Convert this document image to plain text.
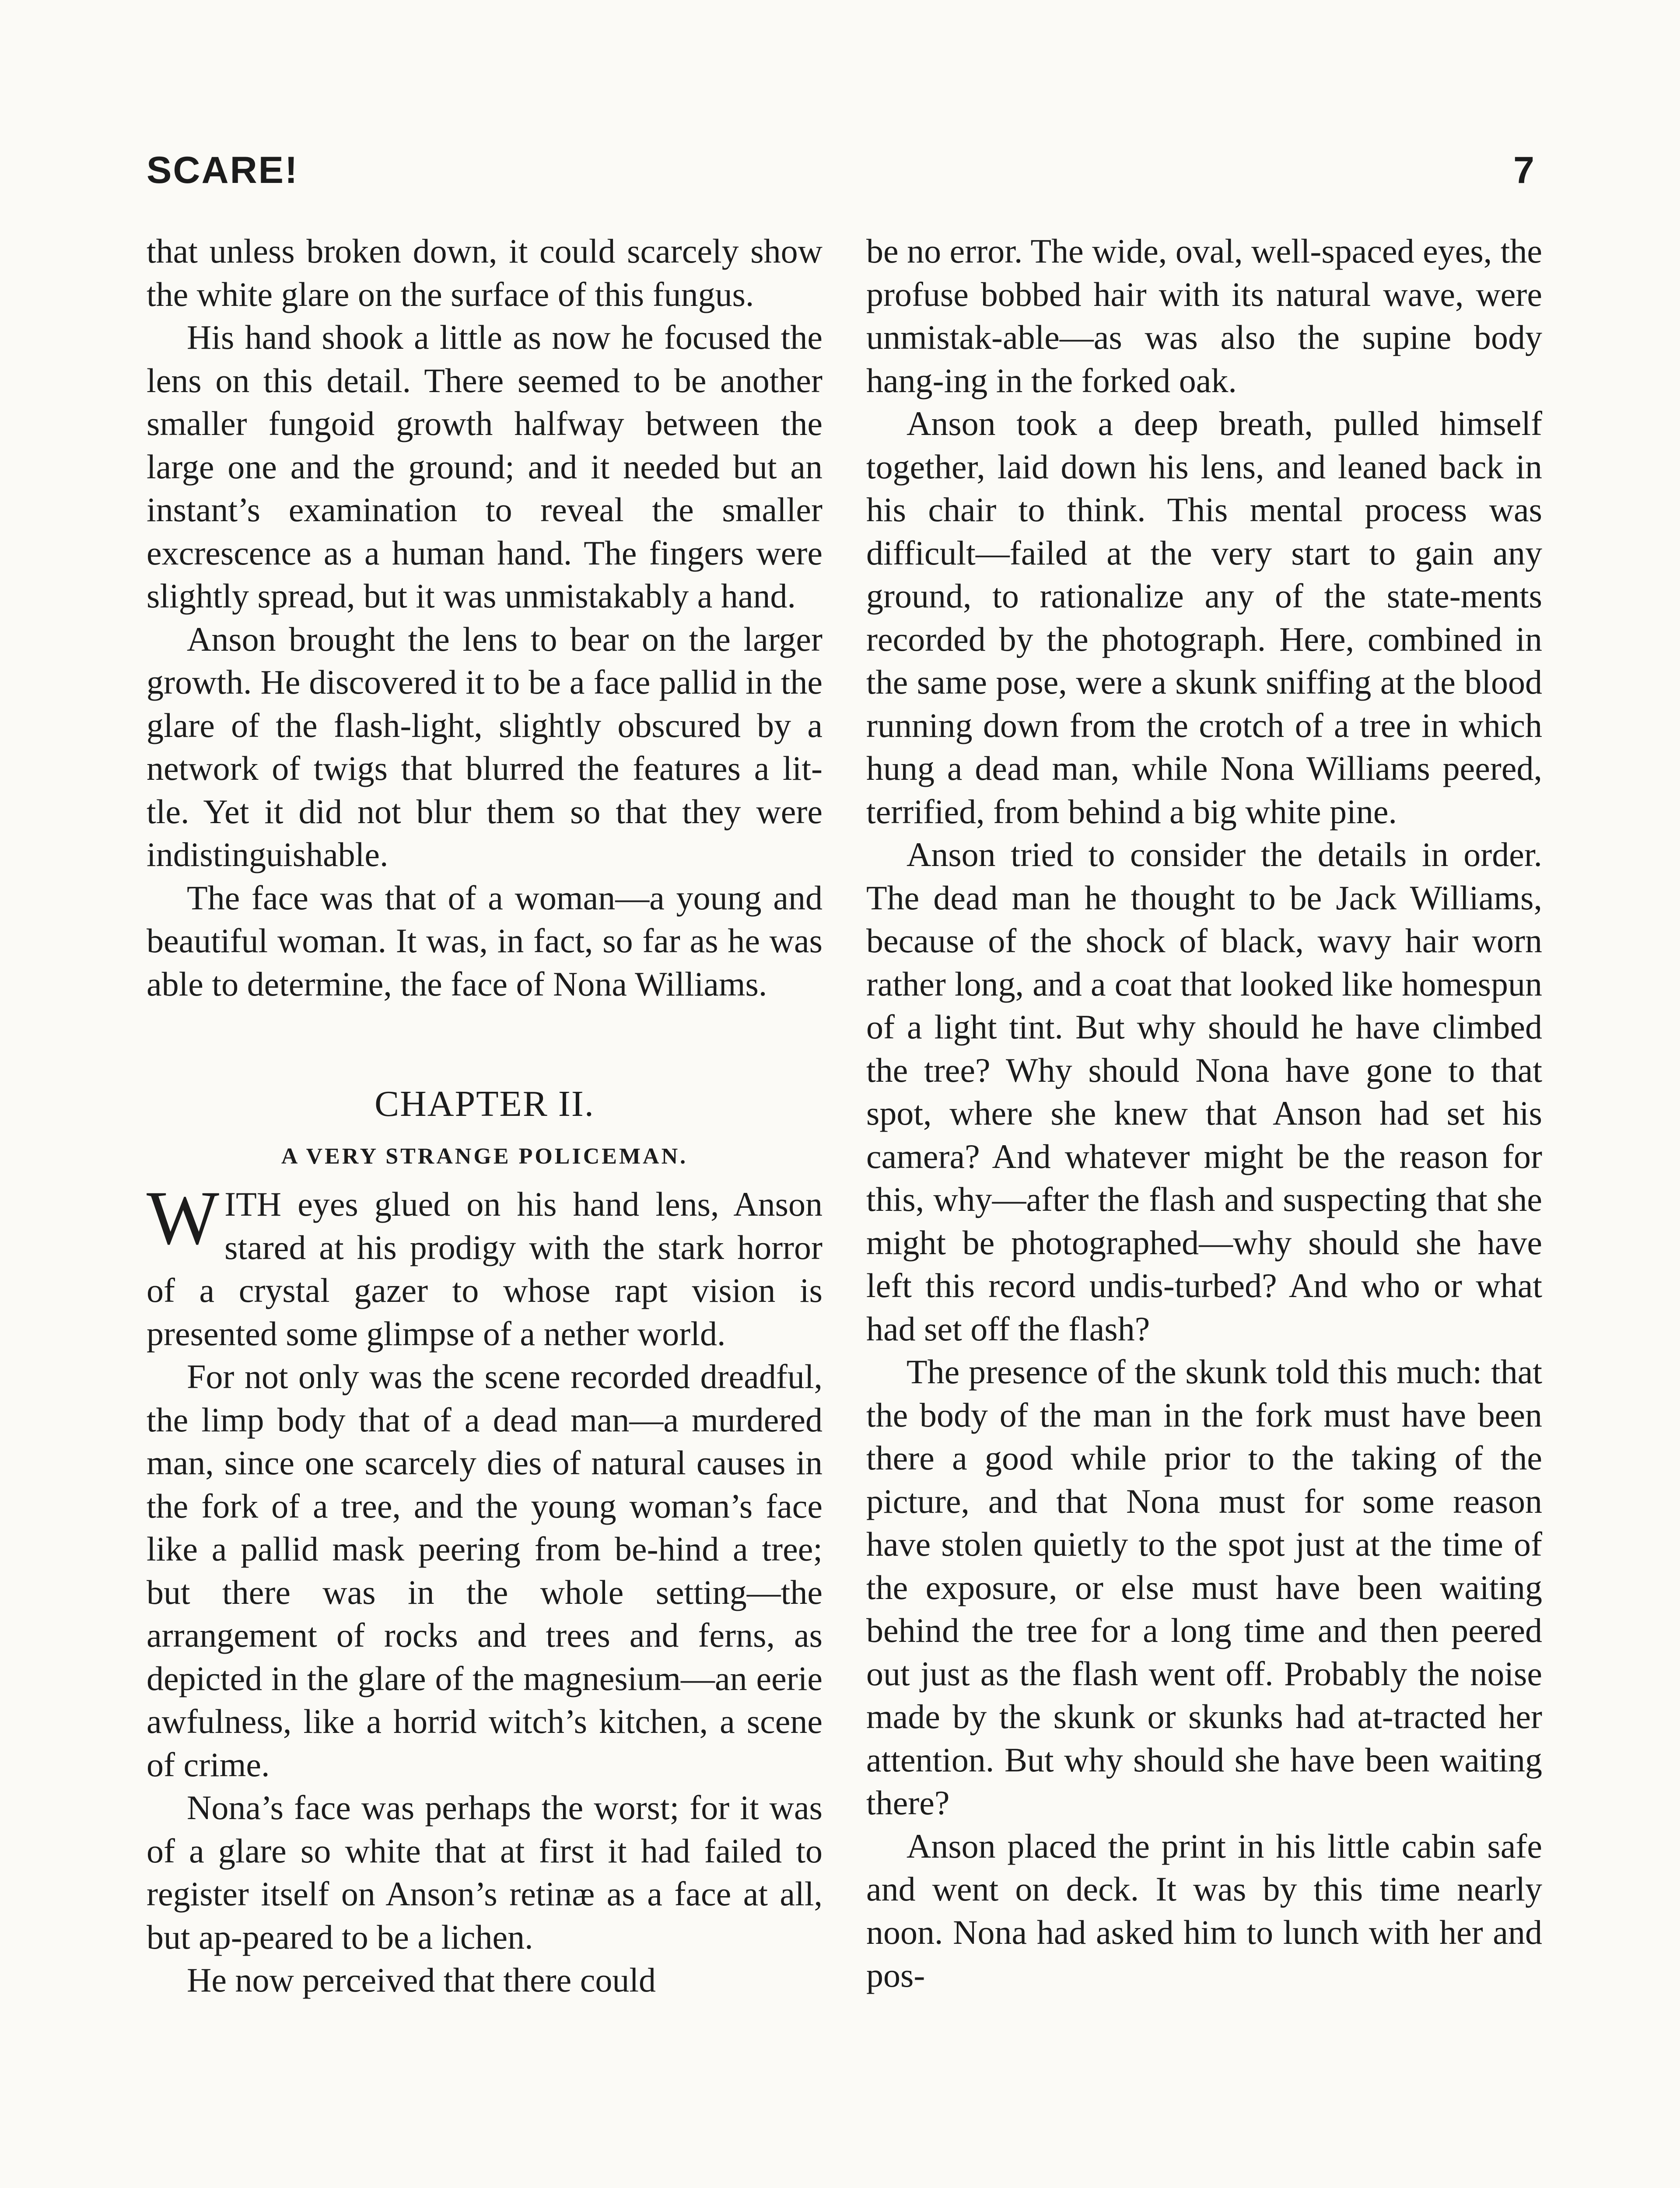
SCARE!	7

that unless broken down, it could scarcely show the white glare on the surface of this fungus.

His hand shook a little as now he focused the lens on this detail. There seemed to be another smaller fungoid growth halfway between the large one and the ground; and it needed but an instant’s examination to reveal the smaller excrescence as a human hand. The fingers were slightly spread, but it was unmistakably a hand.

Anson brought the lens to bear on the larger growth. He discovered it to be a face pallid in the glare of the flash-light, slightly obscured by a network of twigs that blurred the features a lit-tle. Yet it did not blur them so that they were indistinguishable.

The face was that of a woman—a young and beautiful woman. It was, in fact, so far as he was able to determine, the face of Nona Williams.

CHAPTER II.
A VERY STRANGE POLICEMAN.

WITH eyes glued on his hand lens, Anson stared at his prodigy with the stark horror of a crystal gazer to whose rapt vision is presented some glimpse of a nether world.

For not only was the scene recorded dreadful, the limp body that of a dead man—a murdered man, since one scarcely dies of natural causes in the fork of a tree, and the young woman’s face like a pallid mask peering from be-hind a tree; but there was in the whole setting—the arrangement of rocks and trees and ferns, as depicted in the glare of the magnesium—an eerie awfulness, like a horrid witch’s kitchen, a scene of crime.

Nona’s face was perhaps the worst; for it was of a glare so white that at first it had failed to register itself on Anson’s retinæ as a face at all, but ap-peared to be a lichen.

He now perceived that there could

be no error. The wide, oval, well-spaced eyes, the profuse bobbed hair with its natural wave, were unmistak-able—as was also the supine body hang-ing in the forked oak.

Anson took a deep breath, pulled himself together, laid down his lens, and leaned back in his chair to think. This mental process was difficult—failed at the very start to gain any ground, to rationalize any of the state-ments recorded by the photograph. Here, combined in the same pose, were a skunk sniffing at the blood running down from the crotch of a tree in which hung a dead man, while Nona Williams peered, terrified, from behind a big white pine.

Anson tried to consider the details in order. The dead man he thought to be Jack Williams, because of the shock of black, wavy hair worn rather long, and a coat that looked like homespun of a light tint. But why should he have climbed the tree? Why should Nona have gone to that spot, where she knew that Anson had set his camera? And whatever might be the reason for this, why—after the flash and suspecting that she might be photographed—why should she have left this record undis-turbed? And who or what had set off the flash?

The presence of the skunk told this much: that the body of the man in the fork must have been there a good while prior to the taking of the picture, and that Nona must for some reason have stolen quietly to the spot just at the time of the exposure, or else must have been waiting behind the tree for a long time and then peered out just as the flash went off. Probably the noise made by the skunk or skunks had at-tracted her attention. But why should she have been waiting there?

Anson placed the print in his little cabin safe and went on deck. It was by this time nearly noon. Nona had asked him to lunch with her and pos-
